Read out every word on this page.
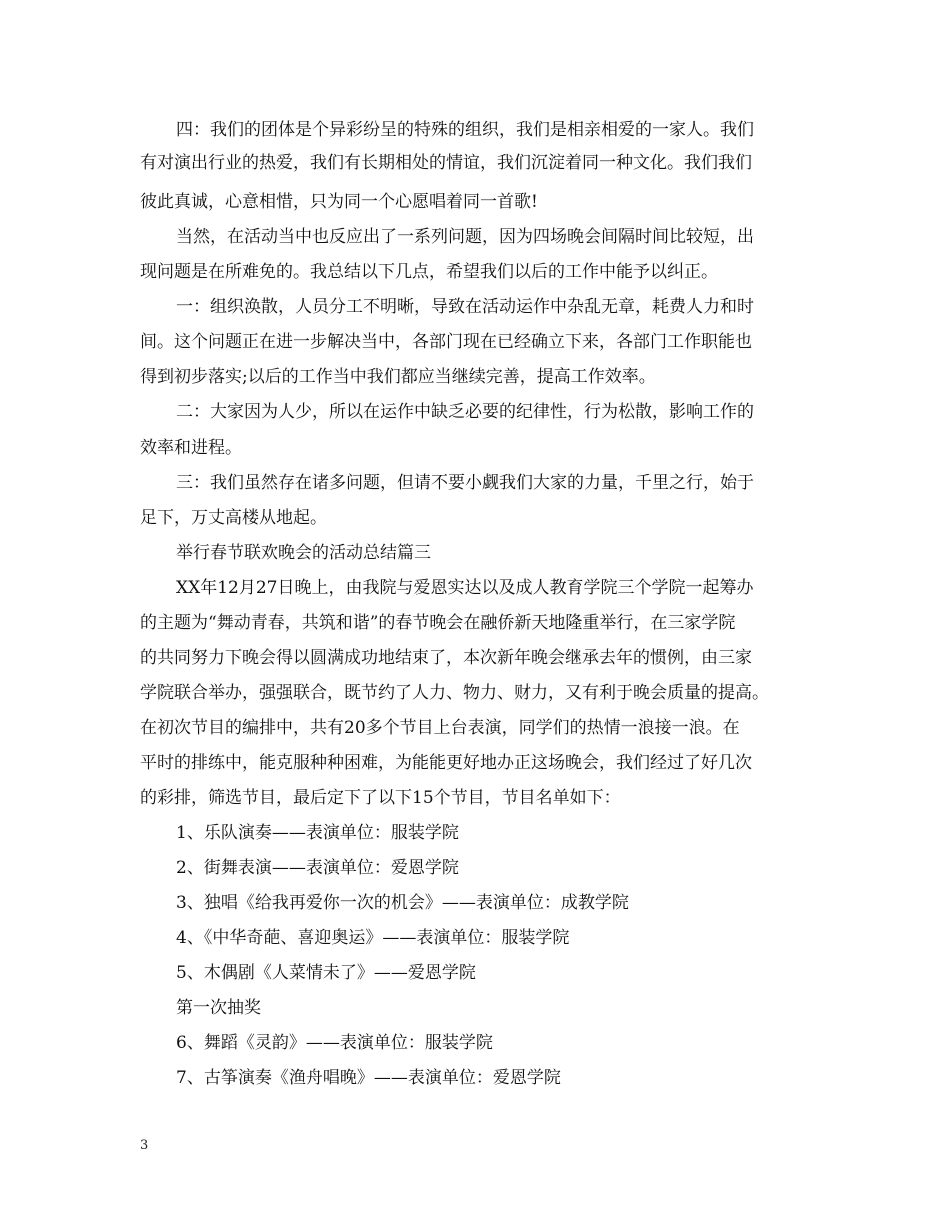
四：我们的团体是个异彩纷呈的特殊的组织，我们是相亲相爱的一家人。我们
有对演出行业的热爱，我们有长期相处的情谊，我们沉淀着同一种文化。我们我们
彼此真诚，心意相惜，只为同一个心愿唱着同一首歌!
当然，在活动当中也反应出了一系列问题，因为四场晚会间隔时间比较短，出
现问题是在所难免的。我总结以下几点，希望我们以后的工作中能予以纠正。
一：组织涣散，人员分工不明晰，导致在活动运作中杂乱无章，耗费人力和时
间。这个问题正在进一步解决当中，各部门现在已经确立下来，各部门工作职能也
得到初步落实;以后的工作当中我们都应当继续完善，提高工作效率。
二：大家因为人少，所以在运作中缺乏必要的纪律性，行为松散，影响工作的
效率和进程。
三：我们虽然存在诸多问题，但请不要小觑我们大家的力量，千里之行，始于
足下，万丈高楼从地起。
举行春节联欢晚会的活动总结篇三
XX年12月27日晚上，由我院与爱恩实达以及成人教育学院三个学院一起筹办
的主题为“舞动青春，共筑和谐”的春节晚会在融侨新天地隆重举行，在三家学院
的共同努力下晚会得以圆满成功地结束了，本次新年晚会继承去年的惯例，由三家
学院联合举办，强强联合，既节约了人力、物力、财力，又有利于晚会质量的提高。
在初次节目的编排中，共有20多个节目上台表演，同学们的热情一浪接一浪。在
平时的排练中，能克服种种困难，为能能更好地办正这场晚会，我们经过了好几次
的彩排，筛选节目，最后定下了以下15个节目，节目名单如下：
1、乐队演奏——表演单位：服装学院
2、街舞表演——表演单位：爱恩学院
3、独唱《给我再爱你一次的机会》——表演单位：成教学院
4、《中华奇葩、喜迎奥运》——表演单位：服装学院
5、木偶剧《人菜情未了》——爱恩学院
第一次抽奖
6、舞蹈《灵韵》——表演单位：服装学院
7、古筝演奏《渔舟唱晚》——表演单位：爱恩学院
3
